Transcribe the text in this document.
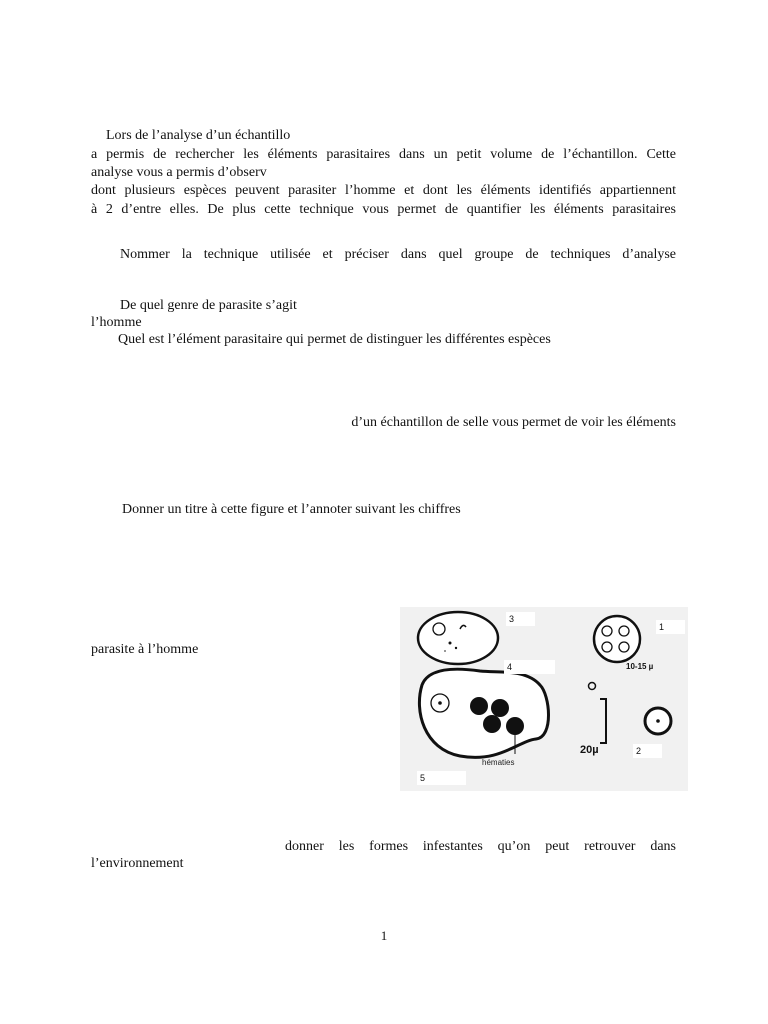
Lors de l’analyse d’un échantillo
a permis de rechercher les éléments parasitaires dans un petit volume de l’échantillon. Cette
analyse vous a permis d’observ
dont plusieurs espèces peuvent parasiter l’homme et dont les éléments identifiés appartiennent
à 2 d’entre elles. De plus cette technique vous permet de quantifier les éléments parasitaires
Nommer la technique utilisée et préciser dans quel groupe de techniques d’analyse
De quel genre de parasite s’agit
l’homme
Quel est l’élément parasitaire qui permet de distinguer les différentes espèces
d’un échantillon de selle vous permet de voir les éléments
Donner un titre à cette figure et l’annoter suivant les chiffres
parasite à l’homme
hématies
10-15 µ
20µ
3
1
4
2
5
donner les formes infestantes qu’on peut retrouver dans
l’environnement
1
